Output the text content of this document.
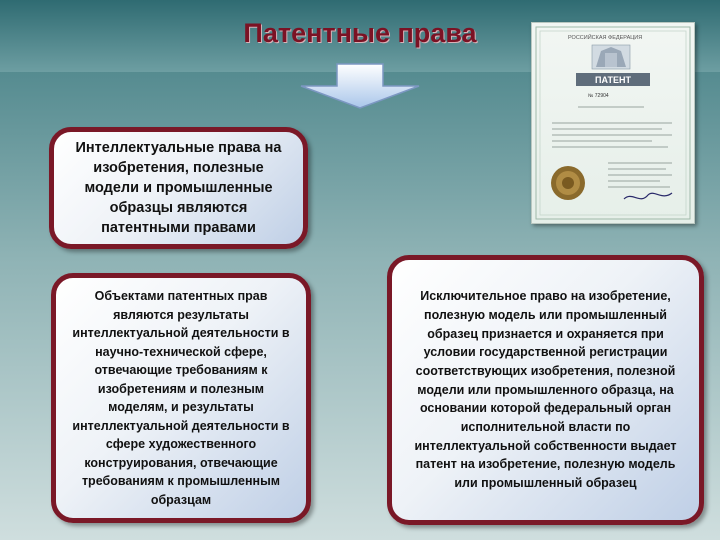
Патентные права	РОССИЙСКАЯ ФЕДЕРАЦИЯ
ПАТЕНТ
№ 72904
Интеллектуальные права на изобретения, полезные модели и промышленные образцы являются патентными правами
Объектами патентных прав являются результаты интеллектуальной деятельности в научно-технической сфере, отвечающие требованиям к изобретениям и полезным моделям, и результаты интеллектуальной деятельности в сфере художественного конструирования, отвечающие требованиям к промышленным образцам
Исключительное право на изобретение, полезную модель или промышленный образец признается и охраняется при условии государственной регистрации соответствующих изобретения, полезной модели или промышленного образца, на основании которой федеральный орган исполнительной власти по интеллектуальной собственности выдает патент на изобретение, полезную модель или промышленный образец
